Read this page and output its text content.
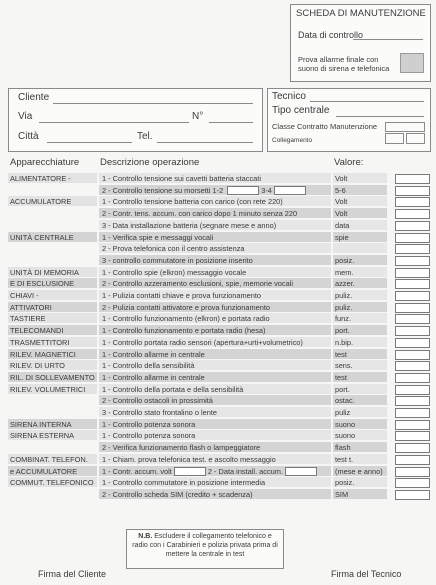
SCHEDA DI MANUTENZIONE
Data di controllo
Prova allarme finale con suono di sirena e telefonica
Cliente
Via	N°
Città	Tel.
Tecnico
Tipo centrale
Classe Contratto Manutenzione
Collegamento
Apparecchiature Descrizione operazione	Valore:
ALIMENTATORE -	1 - Controllo tensione sui cavetti batteria staccati	Volt
2 - Controllo tensione su morsetti 1-2	3-4	5-6
ACCUMULATORE	1 - Controllo tensione batteria con carico (con rete 220)	Volt
2 - Contr. tens. accum. con carico dopo 1 minuto senza 220	Volt
3 - Data installazione batteria (segnare mese e anno)	data
UNITÀ CENTRALE	1 - Verifica spie e messaggi vocali	spie
2 - Prova telefonica con il centro assistenza
3 - controllo commutatore in posizione inserito	posiz.
UNITÀ DI MEMORIA	1 - Controllo spie (elkron) messaggio vocale	mem.
E DI ESCLUSIONE	2 - Controllo azzeramento esclusioni, spie, memorie vocali	azzer.
CHIAVI -	1 - Pulizia contatti chiave e prova funzionamento	puliz.
ATTIVATORI	2 - Pulizia contatti attivatore e prova funzionamento	puliz.
TASTIERE	1 - Controllo funzionamento (elkron) e portata radio	funz.
TELECOMANDI	1 - Controllo funzionamento e portata radio (hesa)	port.
TRASMETTITORI	1 - Controllo portata radio sensori (apertura+urti+volumetrico)	n.bip.
RILEV. MAGNETICI	1 - Controllo allarme in centrale	test
RILEV. DI URTO	1 - Controllo della sensibilità	sens.
RIL. DI SOLLEVAMENTO 1 - Controllo allarme in centrale	test
RILEV. VOLUMETRICI	1 - Controllo della portata e della sensibilità	port.
2 - Controllo ostacoli in prossimità	ostac.
3 - Controllo stato frontalino o lente	puliz
SIRENA INTERNA	1 - Controllo potenza sonora	suono
SIRENA ESTERNA	1 - Controllo potenza sonora	suono
2 - Verifica funzionamento flash o lampeggiatore	flash
COMBINAT. TELEFON.	1 - Chiam. prova telefonica test. e ascolto messaggio	test t.
e ACCUMULATORE	1 - Contr. accum. volt	2 - Data install. accum.	(mese e anno)
COMMUT. TELEFONICO	1 - Controllo commutatore in posizione intermedia	posiz.
2 - Controllo scheda SIM (credito + scadenza)	SIM
N.B. Escludere il collegamento telefonico e radio con i Carabinieri e polizia privata prima di mettere la centrale in test
Firma del Cliente	Firma del Tecnico
